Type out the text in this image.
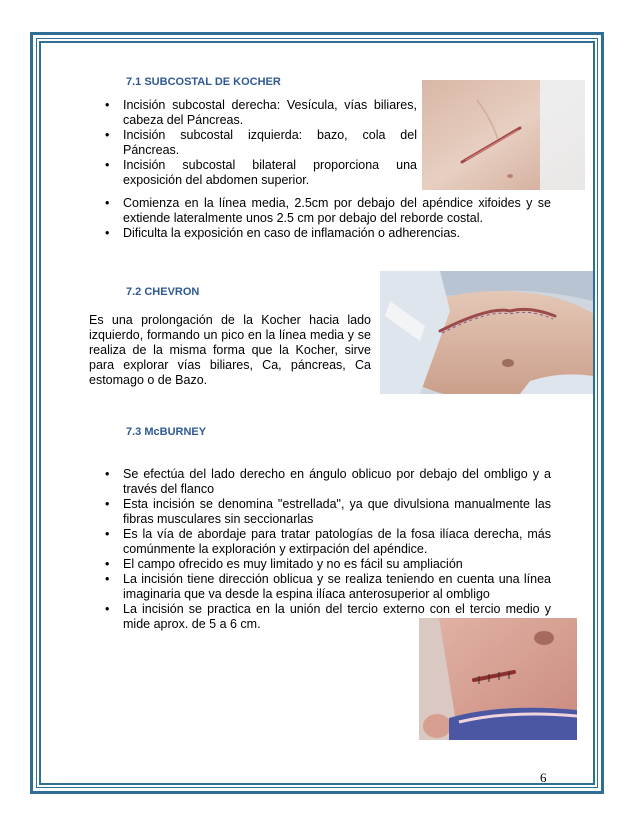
7.1 SUBCOSTAL DE KOCHER
• Incisión subcostal derecha: Vesícula, vías biliares, cabeza del Páncreas.
• Incisión subcostal izquierda: bazo, cola del Páncreas.
• Incisión subcostal bilateral proporciona una exposición del abdomen superior.
• Comienza en la línea media, 2.5cm por debajo del apéndice xifoides y se extiende lateralmente unos 2.5 cm por debajo del reborde costal.
• Dificulta la exposición en caso de inflamación o adherencias.
7.2 CHEVRON

Es una prolongación de la Kocher hacia lado izquierdo, formando un pico en la línea media y se realiza de la misma forma que la Kocher, sirve para explorar vías biliares, Ca, páncreas, Ca estomago o de Bazo.

7.3 McBURNEY
• Se efectúa del lado derecho en ángulo oblicuo por debajo del ombligo y a través del flanco
• Esta incisión se denomina "estrellada", ya que divulsiona manualmente las fibras musculares sin seccionarlas
• Es la vía de abordaje para tratar patologías de la fosa ilíaca derecha, más comúnmente la exploración y extirpación del apéndice.
• El campo ofrecido es muy limitado y no es fácil su ampliación
• La incisión tiene dirección oblicua y se realiza teniendo en cuenta una línea imaginaria que va desde la espina ilíaca anterosuperior al ombligo
• La incisión se practica en la unión del tercio externo con el tercio medio y mide aprox. de 5 a 6 cm.
6
